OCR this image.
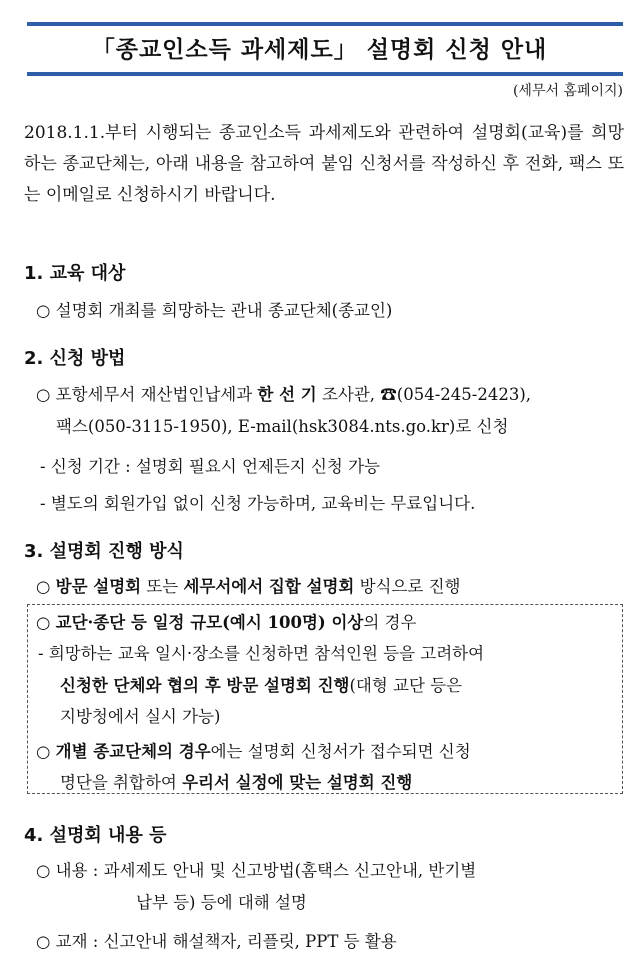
「종교인소득 과세제도」 설명회 신청 안내
(세무서 홈페이지)
2018.1.1.부터 시행되는 종교인소득 과세제도와 관련하여 설명회(교육)를 희망하는 종교단체는, 아래 내용을 참고하여 붙임 신청서를 작성하신 후 전화, 팩스 또는 이메일로 신청하시기 바랍니다.
1. 교육 대상
○ 설명회 개최를 희망하는 관내 종교단체(종교인)
2. 신청 방법
○ 포항세무서 재산법인납세과 한 선 기 조사관, ☎(054-245-2423),
팩스(050-3115-1950), E-mail(hsk3084.nts.go.kr)로 신청
- 신청 기간 : 설명회 필요시 언제든지 신청 가능
- 별도의 회원가입 없이 신청 가능하며, 교육비는 무료입니다.
3. 설명회 진행 방식
○ 방문 설명회 또는 세무서에서 집합 설명회 방식으로 진행
○ 교단·종단 등 일정 규모(예시 100명) 이상의 경우
- 희망하는 교육 일시·장소를 신청하면 참석인원 등을 고려하여
신청한 단체와 협의 후 방문 설명회 진행(대형 교단 등은
지방청에서 실시 가능)
○ 개별 종교단체의 경우에는 설명회 신청서가 접수되면 신청
명단을 취합하여 우리서 실정에 맞는 설명회 진행
4. 설명회 내용 등
○ 내용 : 과세제도 안내 및 신고방법(홈택스 신고안내, 반기별
납부 등) 등에 대해 설명
○ 교재 : 신고안내 해설책자, 리플릿, PPT 등 활용
